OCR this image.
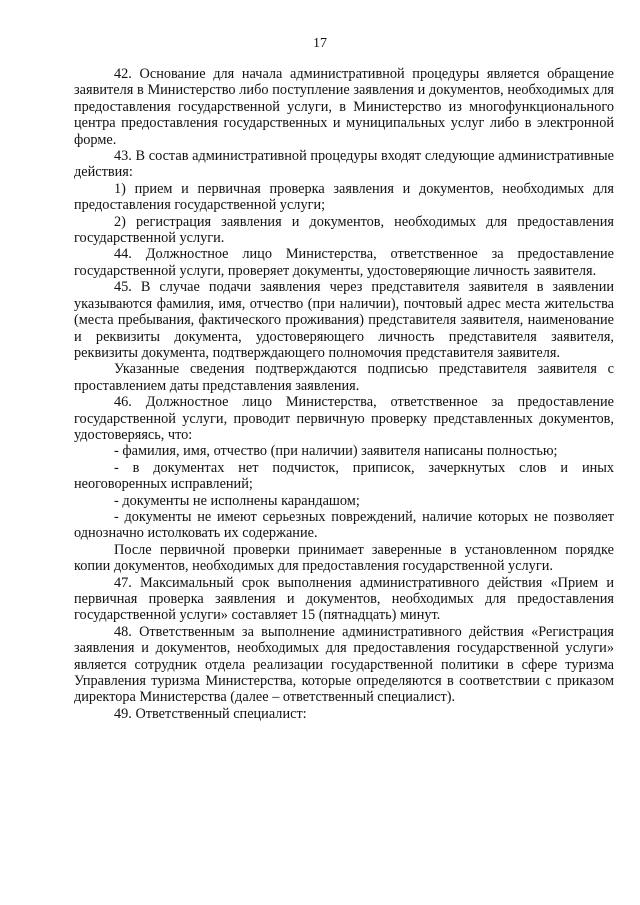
17

42. Основание для начала административной процедуры является обращение заявителя в Министерство либо поступление заявления и документов, необходимых для предоставления государственной услуги, в Министерство из многофункционального центра предоставления государственных и муниципальных услуг либо в электронной форме.

43. В состав административной процедуры входят следующие административные действия:

1) прием и первичная проверка заявления и документов, необходимых для предоставления государственной услуги;

2) регистрация заявления и документов, необходимых для предоставления государственной услуги.

44. Должностное лицо Министерства, ответственное за предоставление государственной услуги, проверяет документы, удостоверяющие личность заявителя.

45. В случае подачи заявления через представителя заявителя в заявлении указываются фамилия, имя, отчество (при наличии), почтовый адрес места жительства (места пребывания, фактического проживания) представителя заявителя, наименование и реквизиты документа, удостоверяющего личность представителя заявителя, реквизиты документа, подтверждающего полномочия представителя заявителя.

Указанные сведения подтверждаются подписью представителя заявителя с проставлением даты представления заявления.

46. Должностное лицо Министерства, ответственное за предоставление государственной услуги, проводит первичную проверку представленных документов, удостоверяясь, что:

- фамилия, имя, отчество (при наличии) заявителя написаны полностью;

- в документах нет подчисток, приписок, зачеркнутых слов и иных неоговоренных исправлений;

- документы не исполнены карандашом;

- документы не имеют серьезных повреждений, наличие которых не позволяет однозначно истолковать их содержание.

После первичной проверки принимает заверенные в установленном порядке копии документов, необходимых для предоставления государственной услуги.

47. Максимальный срок выполнения административного действия «Прием и первичная проверка заявления и документов, необходимых для предоставления государственной услуги» составляет 15 (пятнадцать) минут.

48. Ответственным за выполнение административного действия «Регистрация заявления и документов, необходимых для предоставления государственной услуги» является сотрудник отдела реализации государственной политики в сфере туризма Управления туризма Министерства, которые определяются в соответствии с приказом директора Министерства (далее – ответственный специалист).

49. Ответственный специалист:
